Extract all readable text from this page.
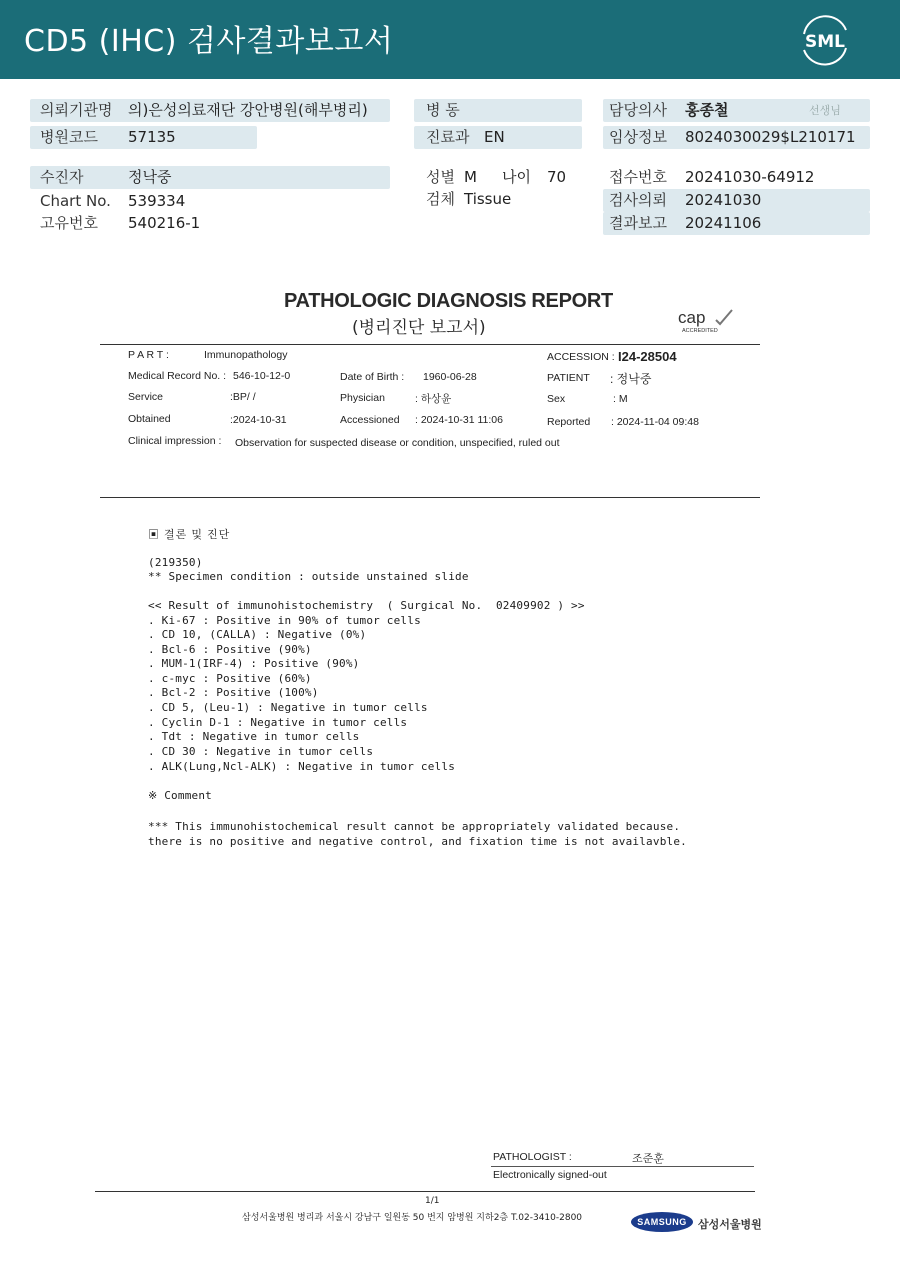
CD5 (IHC) 검사결과보고서	SML
의뢰기관명 의)은성의료재단 강안병원(해부병리)
병원코드 57135
수진자	정낙중
Chart No. 539334
고유번호 540216-1
병 동
진료과 EN
성별 M 나이 70
검체 Tissue
담당의사 홍종철	선생님
임상정보 8024030029$L210171
접수번호 20241030-64912
검사의뢰 20241030
결과보고 20241106
PATHOLOGIC DIAGNOSIS REPORT
(병리진단 보고서)
cap
ACCREDITED
P A R T :	Immunopathology	ACCESSION : I24-28504
Medical Record No. : 546-10-12-0	Date of Birth : 1960-06-28	PATIENT : 정낙중
Service	:BP/ /	Physician	: 하상윤	Sex	: M
Obtained	:2024-10-31	Accessioned : 2024-10-31 11:06	Reported : 2024-11-04 09:48
Clinical impression : Observation for suspected disease or condition, unspecified, ruled out
▣ 결론 및 진단
(219350)
** Specimen condition : outside unstained slide
<< Result of immunohistochemistry  ( Surgical No.  02409902 ) >>
. Ki-67 : Positive in 90% of tumor cells
. CD 10, (CALLA) : Negative (0%)
. Bcl-6 : Positive (90%)
. MUM-1(IRF-4) : Positive (90%)
. c-myc : Positive (60%)
. Bcl-2 : Positive (100%)
. CD 5, (Leu-1) : Negative in tumor cells
. Cyclin D-1 : Negative in tumor cells
. Tdt : Negative in tumor cells
. CD 30 : Negative in tumor cells
. ALK(Lung,Ncl-ALK) : Negative in tumor cells
※ Comment
*** This immunohistochemical result cannot be appropriately validated because.
there is no positive and negative control, and fixation time is not availavble.
PATHOLOGIST :	조준훈
Electronically signed-out
1/1
삼성서울병원 병리과 서울시 강남구 일원동 50 번지 암병원 지하2층 T.02-3410-2800	SAMSUNG	삼성서울병원
